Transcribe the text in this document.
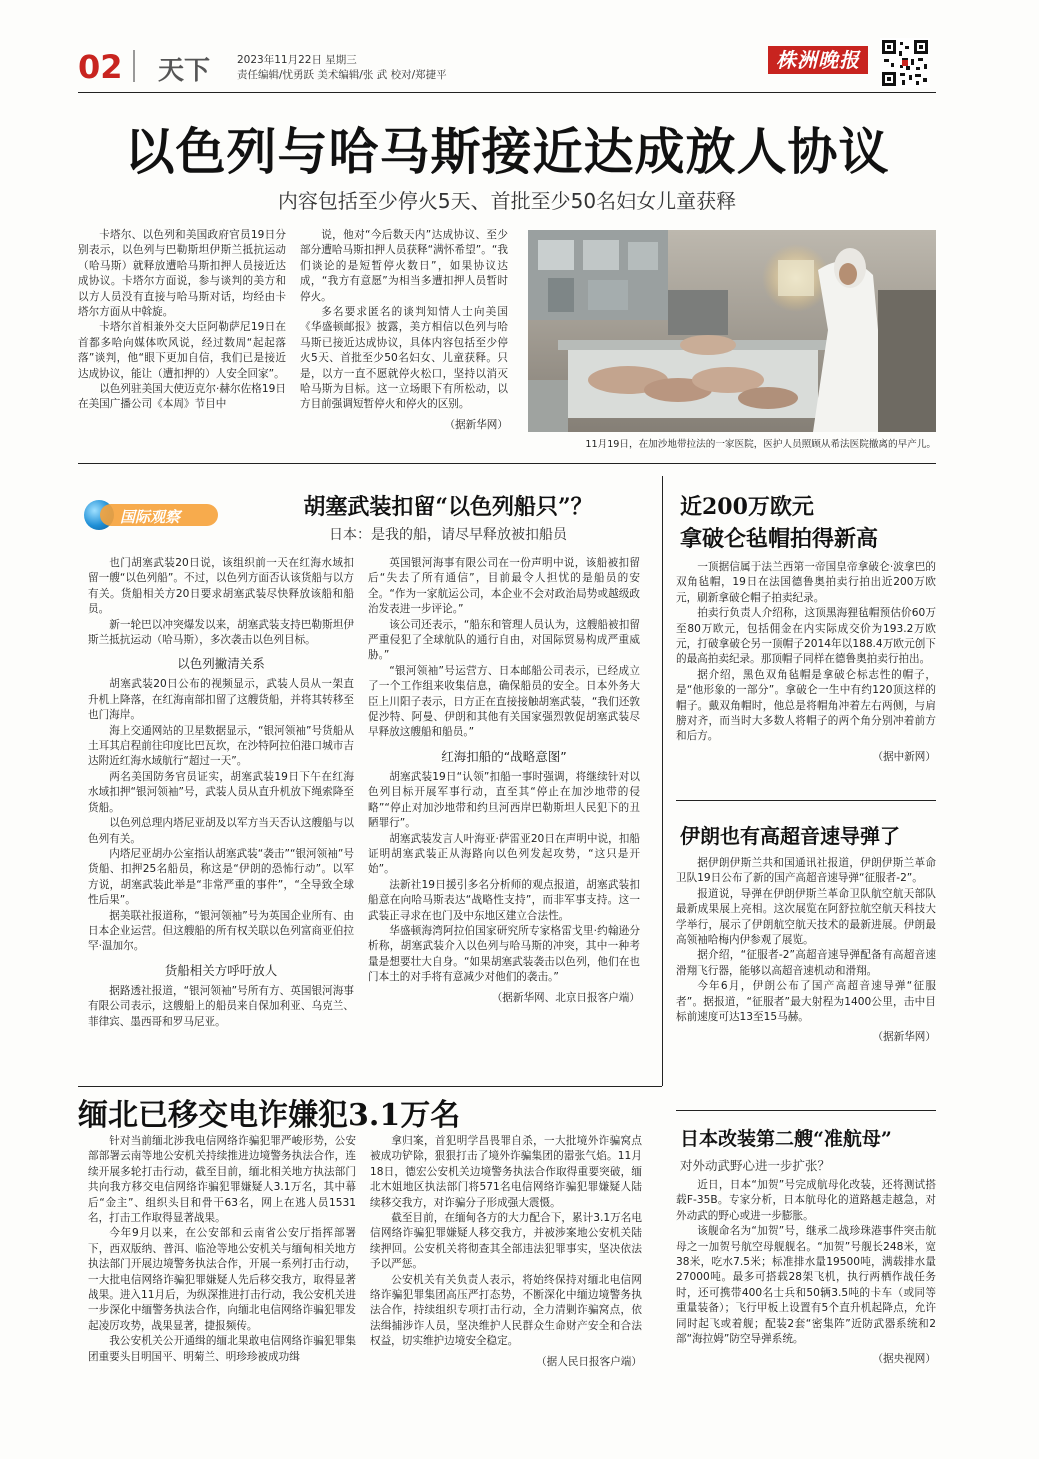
02 天下	2023年11月22日 星期三
责任编辑/忧勇跃 美术编辑/张 武 校对/郑捷平
株洲晚报
以色列与哈马斯接近达成放人协议
内容包括至少停火5天、首批至少50名妇女儿童获释

卡塔尔、以色列和美国政府官员19日分别表示，以色列与巴勒斯坦伊斯兰抵抗运动（哈马斯）就释放遭哈马斯扣押人员接近达成协议。卡塔尔方面说，参与谈判的美方和以方人员没有直接与哈马斯对话，均经由卡塔尔方面从中斡旋。

卡塔尔首相兼外交大臣阿勒萨尼19日在首都多哈向媒体吹风说，经过数周“起起落落”谈判，他“眼下更加自信，我们已是接近达成协议，能让（遭扣押的）人安全回家”。

以色列驻美国大使迈克尔·赫尔佐格19日在美国广播公司《本周》节目中

说，他对“今后数天内”达成协议、至少部分遭哈马斯扣押人员获释“满怀希望”。“我们谈论的是短暂停火数日”，如果协议达成，“我方有意愿”为相当多遭扣押人员暂时停火。

多名要求匿名的谈判知情人士向美国《华盛顿邮报》披露，美方相信以色列与哈马斯已接近达成协议，具体内容包括至少停火5天、首批至少50名妇女、儿童获释。只是，以方一直不愿就停火松口，坚持以消灭哈马斯为目标。这一立场眼下有所松动，以方目前强调短暂停火和停火的区别。

（据新华网）
11月19日，在加沙地带拉法的一家医院，医护人员照顾从希法医院撤离的早产儿。
国际观察	胡塞武装扣留“以色列船只”？
日本：是我的船，请尽早释放被扣船员

也门胡塞武装20日说，该组织前一天在红海水域扣留一艘“以色列船”。不过，以色列方面否认该货船与以方有关。货船相关方20日要求胡塞武装尽快释放该船和船员。

新一轮巴以冲突爆发以来，胡塞武装支持巴勒斯坦伊斯兰抵抗运动（哈马斯），多次袭击以色列目标。

以色列撇清关系

胡塞武装20日公布的视频显示，武装人员从一架直升机上降落，在红海南部扣留了这艘货船，并将其转移至也门海岸。

海上交通网站的卫星数据显示，“银河领袖”号货船从土耳其启程前往印度比巴瓦坎，在沙特阿拉伯港口城市吉达附近红海水域航行“超过一天”。

两名美国防务官员证实，胡塞武装19日下午在红海水域扣押“银河领袖”号，武装人员从直升机放下绳索降至货船。

以色列总理内塔尼亚胡及以军方当天否认这艘船与以色列有关。

内塔尼亚胡办公室指认胡塞武装“袭击”“银河领袖”号货船、扣押25名船员，称这是“伊朗的恐怖行动”。以军方说，胡塞武装此举是“非常严重的事件”，“全导致全球性后果”。

据美联社报道称，“银河领袖”号为英国企业所有、由日本企业运营。但这艘船的所有权关联以色列富商亚伯拉罕·温加尔。

货船相关方呼吁放人

据路透社报道，“银河领袖”号所有方、英国银河海事有限公司表示，这艘船上的船员来自保加利亚、乌克兰、菲律宾、墨西哥和罗马尼亚。

英国银河海事有限公司在一份声明中说，该船被扣留后“失去了所有通信”，目前最令人担忧的是船员的安全。“作为一家航运公司，本企业不会对政治局势或越级政治发表进一步评论。”

该公司还表示，“船东和管理人员认为，这艘船被扣留严重侵犯了全球航队的通行自由，对国际贸易构成严重威胁。”

“银河领袖”号运营方、日本邮船公司表示，已经成立了一个工作组来收集信息，确保船员的安全。日本外务大臣上川阳子表示，日方正在直接接触胡塞武装，“我们还敦促沙特、阿曼、伊朗和其他有关国家强烈敦促胡塞武装尽早释放这艘船和船员。”

红海扣船的“战略意图”

胡塞武装19日“认领”扣船一事时强调，将继续针对以色列目标开展军事行动，直至其“停止在加沙地带的侵略”“停止对加沙地带和约旦河西岸巴勒斯坦人民犯下的丑陋罪行”。

胡塞武装发言人叶海亚·萨雷亚20日在声明中说，扣船证明胡塞武装正从海路向以色列发起攻势，“这只是开始”。

法新社19日援引多名分析师的观点报道，胡塞武装扣船意在向哈马斯表达“战略性支持”，而非军事支持。这一武装正寻求在也门及中东地区建立合法性。

华盛顿海湾阿拉伯国家研究所专家格雷戈里·约翰逊分析称，胡塞武装介入以色列与哈马斯的冲突，其中一种考量是想要壮大自身。“如果胡塞武装袭击以色列，他们在也门本土的对手将有意减少对他们的袭击。”

（据新华网、北京日报客户端）
近200万欧元
拿破仑毡帽拍得新高

一顶据信属于法兰西第一帝国皇帝拿破仑·波拿巴的双角毡帽，19日在法国德鲁奥拍卖行拍出近200万欧元，刷新拿破仑帽子拍卖纪录。

拍卖行负责人介绍称，这顶黑海狸毡帽预估价60万至80万欧元，包括佣金在内实际成交价为193.2万欧元，打破拿破仑另一顶帽子2014年以188.4万欧元创下的最高拍卖纪录。那顶帽子同样在德鲁奥拍卖行拍出。

据介绍，黑色双角毡帽是拿破仑标志性的帽子，是“他形象的一部分”。拿破仑一生中有约120顶这样的帽子。戴双角帽时，他总是将帽角冲着左右两侧，与肩膀对齐，而当时大多数人将帽子的两个角分别冲着前方和后方。

（据中新网）
伊朗也有高超音速导弹了

据伊朗伊斯兰共和国通讯社报道，伊朗伊斯兰革命卫队19日公布了新的国产高超音速导弹“征服者-2”。

报道说，导弹在伊朗伊斯兰革命卫队航空航天部队最新成果展上亮相。这次展览在阿舒拉航空航天科技大学举行，展示了伊朗航空航天技术的最新进展。伊朗最高领袖哈梅内伊参观了展览。

据介绍，“征服者-2”高超音速导弹配备有高超音速滑翔飞行器，能够以高超音速机动和滑翔。

今年6月，伊朗公布了国产高超音速导弹“征服者”。据报道，“征服者”最大射程为1400公里，击中目标前速度可达13至15马赫。

（据新华网）
缅北已移交电诈嫌犯3.1万名

针对当前缅北涉我电信网络诈骗犯罪严峻形势，公安部部署云南等地公安机关持续推进边境警务执法合作，连续开展多轮打击行动，截至目前，缅北相关地方执法部门共向我方移交电信网络诈骗犯罪嫌疑人3.1万名，其中幕后“金主”、组织头目和骨干63名，网上在逃人员1531名，打击工作取得显著战果。

今年9月以来，在公安部和云南省公安厅指挥部署下，西双版纳、普洱、临沧等地公安机关与缅甸相关地方执法部门开展边境警务执法合作，开展一系列打击行动，一大批电信网络诈骗犯罪嫌疑人先后移交我方，取得显著战果。进入11月后，为纵深推进打击行动，我公安机关进一步深化中缅警务执法合作，向缅北电信网络诈骗犯罪发起凌厉攻势，战果显著，捷报频传。

我公安机关公开通缉的缅北果敢电信网络诈骗犯罪集团重要头目明国平、明菊兰、明珍珍被成功缉

拿归案，首犯明学昌畏罪自杀，一大批境外诈骗窝点被成功铲除，狠狠打击了境外诈骗集团的嚣张气焰。11月18日，德宏公安机关边境警务执法合作取得重要突破，缅北木姐地区执法部门将571名电信网络诈骗犯罪嫌疑人陆续移交我方，对诈骗分子形成强大震慑。

截至目前，在缅甸各方的大力配合下，累计3.1万名电信网络诈骗犯罪嫌疑人移交我方，并被涉案地公安机关陆续押回。公安机关将彻查其全部违法犯罪事实，坚决依法予以严惩。

公安机关有关负责人表示，将始终保持对缅北电信网络诈骗犯罪集团高压严打态势，不断深化中缅边境警务执法合作，持续组织专项打击行动，全力清剿诈骗窝点，依法缉捕涉诈人员，坚决维护人民群众生命财产安全和合法权益，切实维护边境安全稳定。

（据人民日报客户端）
日本改装第二艘“准航母”
对外动武野心进一步扩张？

近日，日本“加贺”号完成航母化改装，还将测试搭载F-35B。专家分析，日本航母化的道路越走越急，对外动武的野心或进一步膨胀。

该舰命名为“加贺”号，继承二战珍珠港事件突击航母之一加贺号航空母舰舰名。“加贺”号舰长248米，宽38米，吃水7.5米；标准排水量19500吨，满载排水量27000吨。最多可搭载28架飞机，执行两栖作战任务时，还可携带400名士兵和50辆3.5吨的卡车（或同等重量装备）；飞行甲板上设置有5个直升机起降点，允许同时起飞或着舰；配装2套“密集阵”近防武器系统和2部“海拉姆”防空导弹系统。

（据央视网）
